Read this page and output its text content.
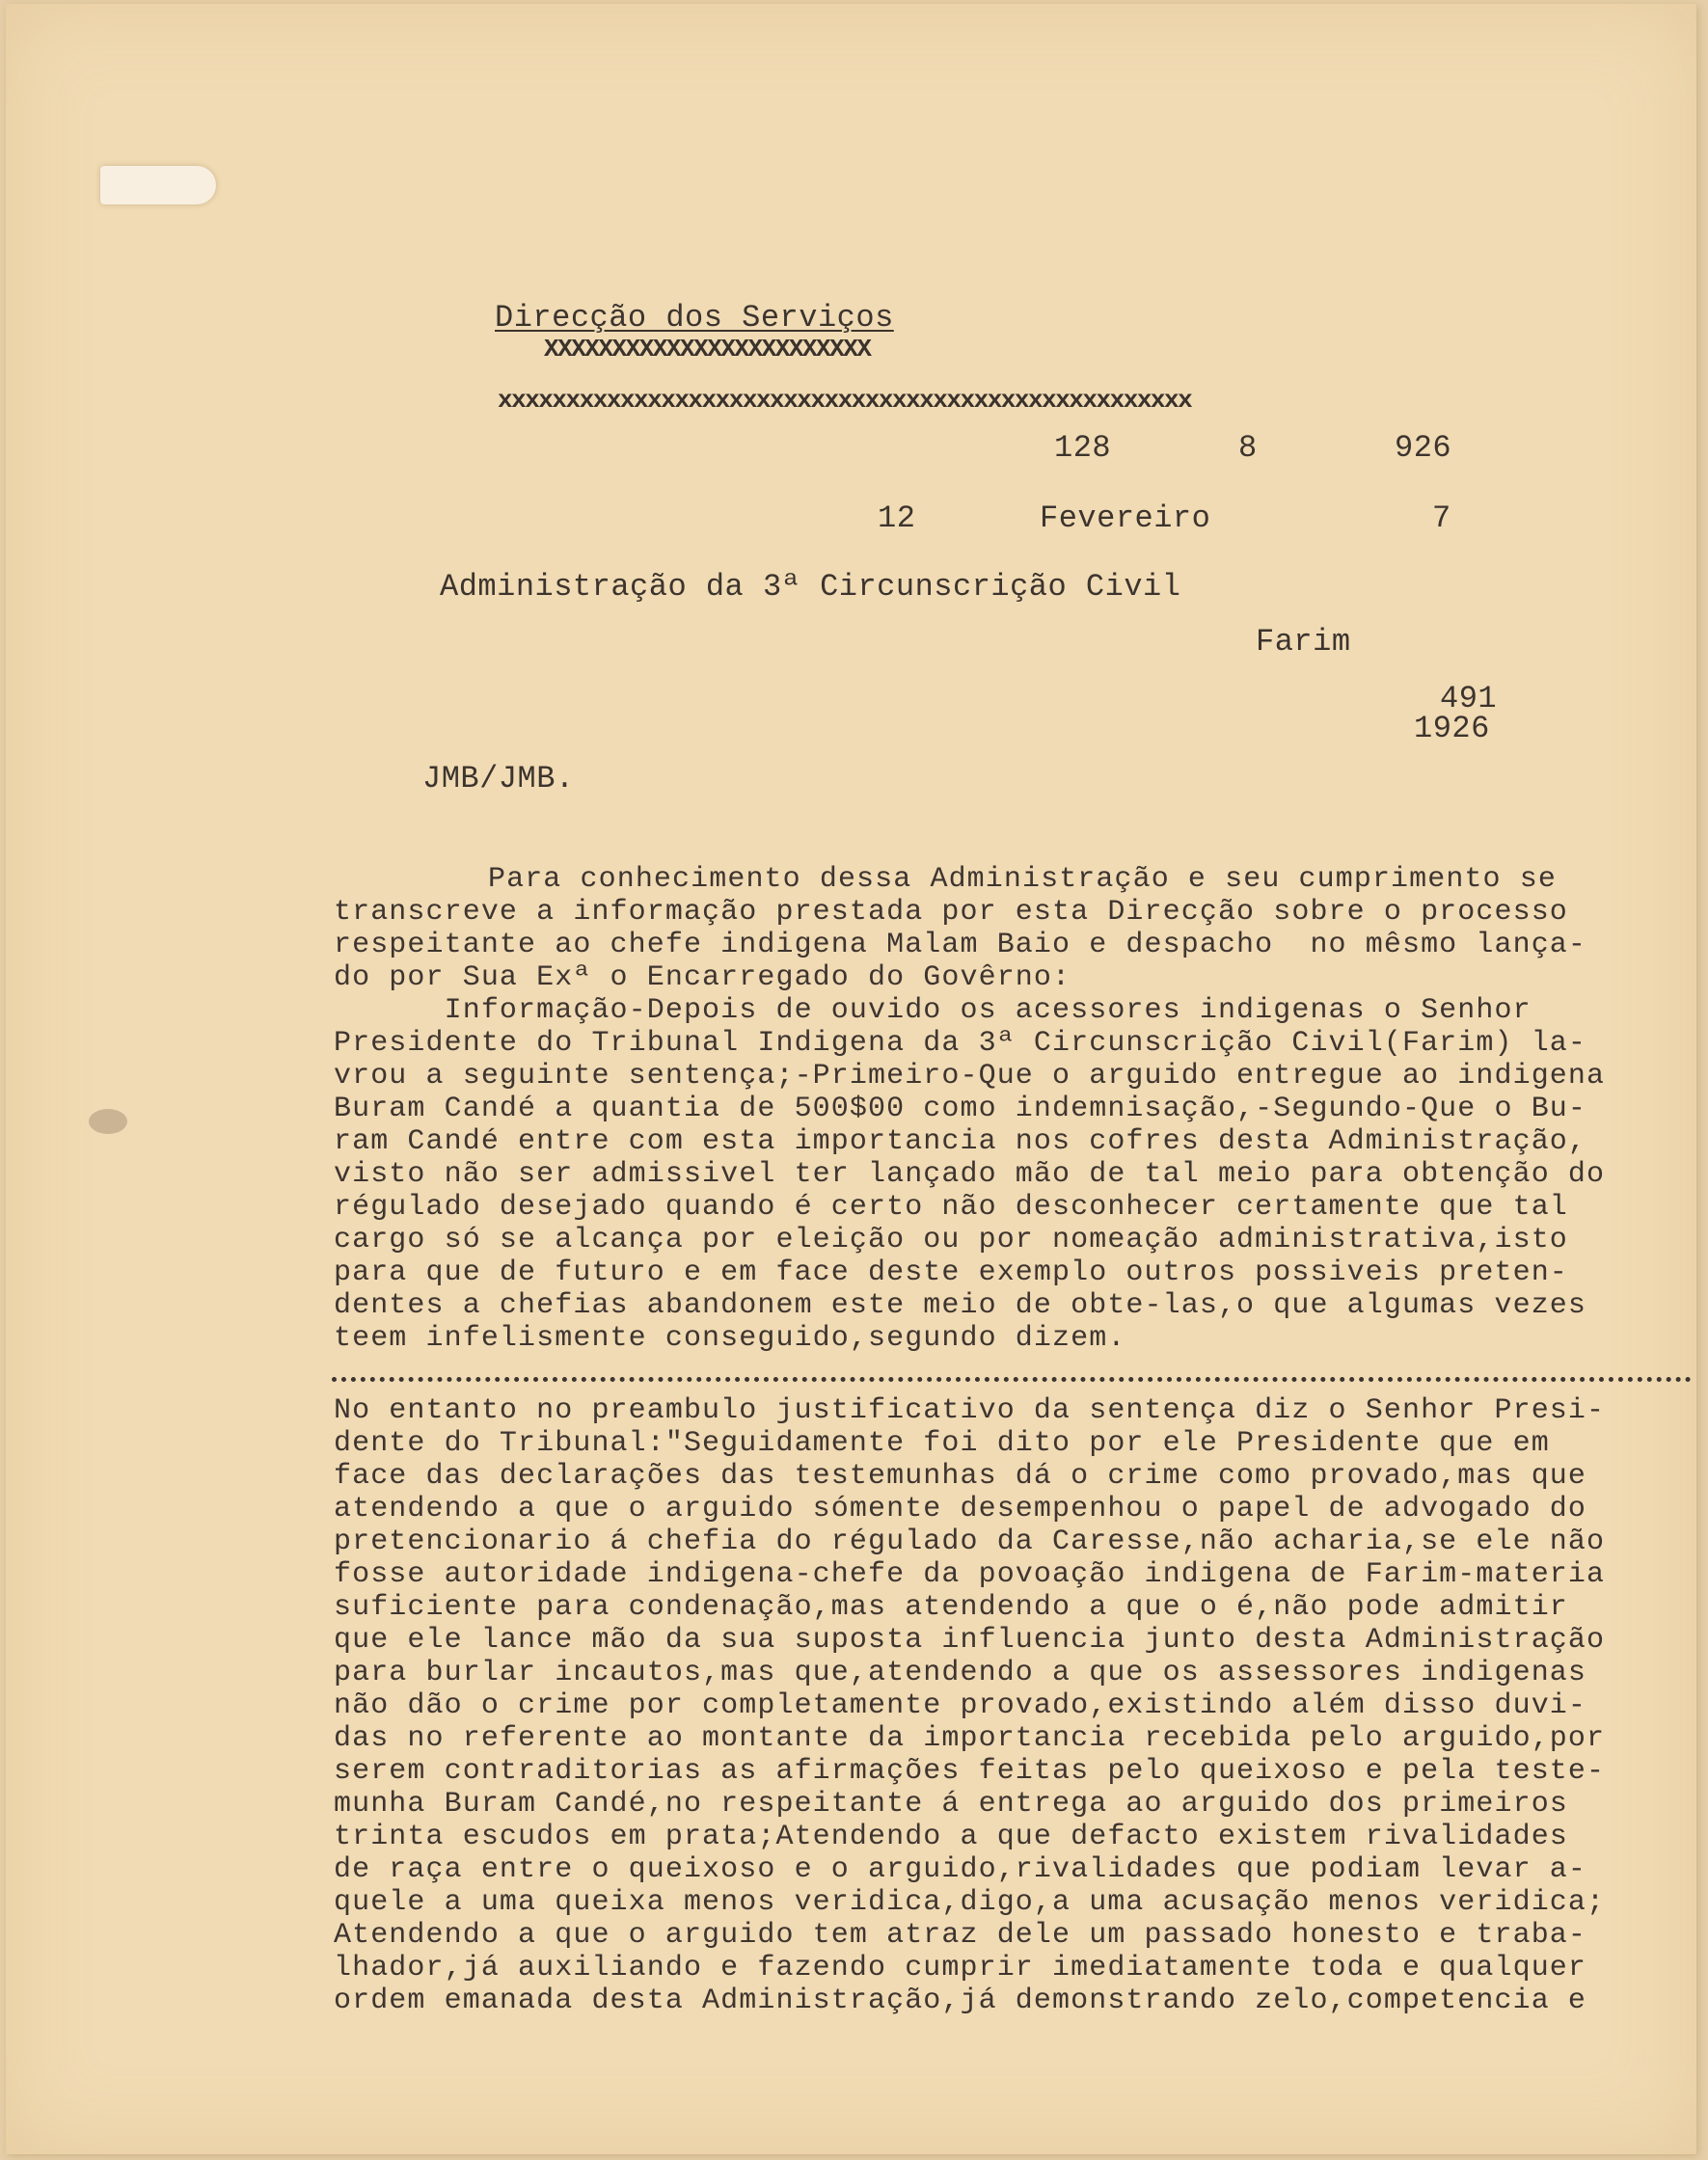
Direcção dos Serviços
XXXXXXXXXXXXXXXXXXXXXXXX
xxxxxxxxxxxxxxxxxxxxxxxxxxxxxxxxxxxxxxxxxxxxxxxxxxx
128	8	926
12	Fevereiro	7
Administração da 3ª Circunscrição Civil
Farim
491
1926
JMB/JMB.
Para conhecimento dessa Administração e seu cumprimento se
transcreve a informação prestada por esta Direcção sobre o processo
respeitante ao chefe indigena Malam Baio e despacho  no mêsmo lança-
do por Sua Exª o Encarregado do Govêrno:
Informação-Depois de ouvido os acessores indigenas o Senhor
Presidente do Tribunal Indigena da 3ª Circunscrição Civil(Farim) la-
vrou a seguinte sentença;-Primeiro-Que o arguido entregue ao indigena
Buram Candé a quantia de 500$00 como indemnisação,-Segundo-Que o Bu-
ram Candé entre com esta importancia nos cofres desta Administração,
visto não ser admissivel ter lançado mão de tal meio para obtenção do
régulado desejado quando é certo não desconhecer certamente que tal
cargo só se alcança por eleição ou por nomeação administrativa,isto
para que de futuro e em face deste exemplo outros possiveis preten-
dentes a chefias abandonem este meio de obte-las,o que algumas vezes
teem infelismente conseguido,segundo dizem.
No entanto no preambulo justificativo da sentença diz o Senhor Presi-
dente do Tribunal:"Seguidamente foi dito por ele Presidente que em
face das declarações das testemunhas dá o crime como provado,mas que
atendendo a que o arguido sómente desempenhou o papel de advogado do
pretencionario á chefia do régulado da Caresse,não acharia,se ele não
fosse autoridade indigena-chefe da povoação indigena de Farim-materia
suficiente para condenação,mas atendendo a que o é,não pode admitir
que ele lance mão da sua suposta influencia junto desta Administração
para burlar incautos,mas que,atendendo a que os assessores indigenas
não dão o crime por completamente provado,existindo além disso duvi-
das no referente ao montante da importancia recebida pelo arguido,por
serem contraditorias as afirmações feitas pelo queixoso e pela teste-
munha Buram Candé,no respeitante á entrega ao arguido dos primeiros
trinta escudos em prata;Atendendo a que defacto existem rivalidades
de raça entre o queixoso e o arguido,rivalidades que podiam levar a-
quele a uma queixa menos veridica,digo,a uma acusação menos veridica;
Atendendo a que o arguido tem atraz dele um passado honesto e traba-
lhador,já auxiliando e fazendo cumprir imediatamente toda e qualquer
ordem emanada desta Administração,já demonstrando zelo,competencia e
